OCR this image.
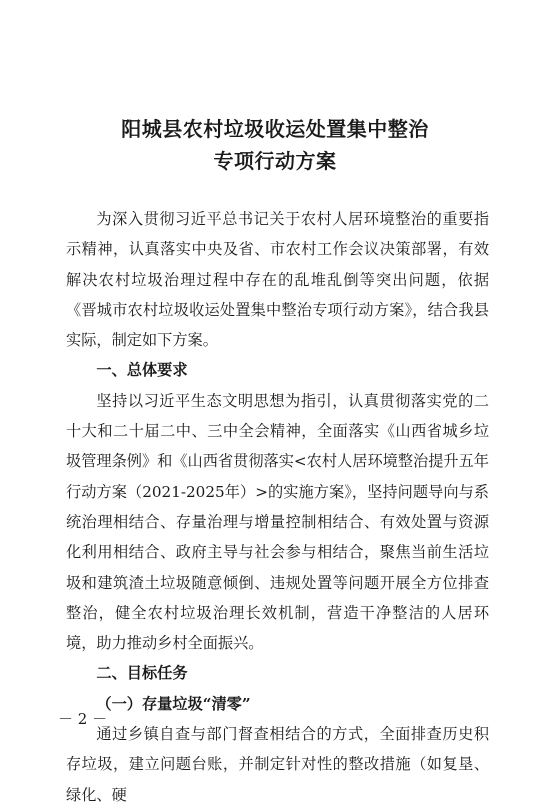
阳城县农村垃圾收运处置集中整治
专项行动方案

为深入贯彻习近平总书记关于农村人居环境整治的重要指示精神，认真落实中央及省、市农村工作会议决策部署，有效解决农村垃圾治理过程中存在的乱堆乱倒等突出问题，依据《晋城市农村垃圾收运处置集中整治专项行动方案》，结合我县实际，制定如下方案。

一、总体要求

坚持以习近平生态文明思想为指引，认真贯彻落实党的二十大和二十届二中、三中全会精神，全面落实《山西省城乡垃圾管理条例》和《山西省贯彻落实<农村人居环境整治提升五年行动方案（2021-2025年）>的实施方案》，坚持问题导向与系统治理相结合、存量治理与增量控制相结合、有效处置与资源化利用相结合、政府主导与社会参与相结合，聚焦当前生活垃圾和建筑渣土垃圾随意倾倒、违规处置等问题开展全方位排查整治，健全农村垃圾治理长效机制，营造干净整洁的人居环境，助力推动乡村全面振兴。

二、目标任务

（一）存量垃圾“清零”

通过乡镇自查与部门督查相结合的方式，全面排查历史积存垃圾，建立问题台账，并制定针对性的整改措施（如复垦、绿化、硬

－ 2 －
